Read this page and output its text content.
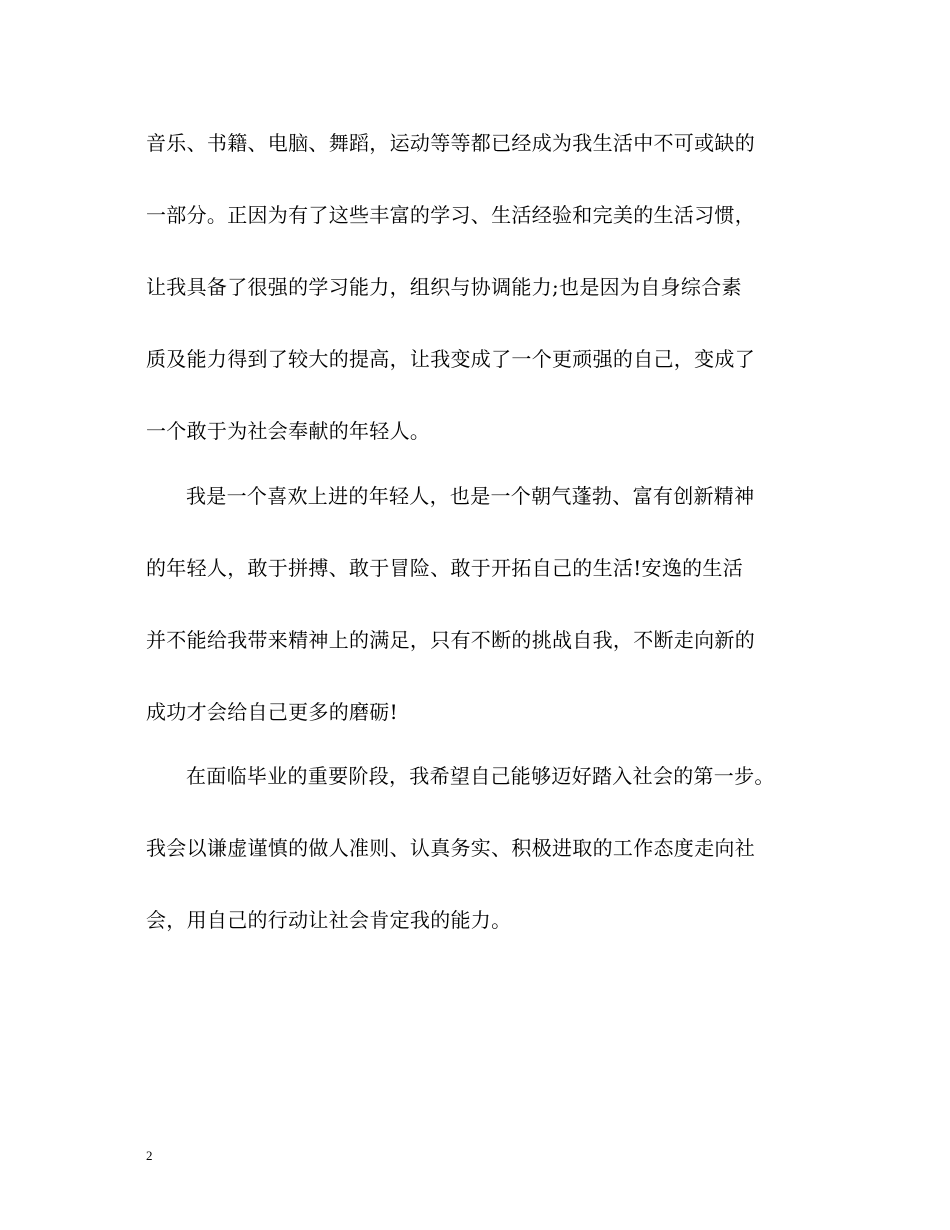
音乐、书籍、电脑、舞蹈，运动等等都已经成为我生活中不可或缺的

一部分。正因为有了这些丰富的学习、生活经验和完美的生活习惯，

让我具备了很强的学习能力，组织与协调能力;也是因为自身综合素

质及能力得到了较大的提高，让我变成了一个更顽强的自己，变成了

一个敢于为社会奉献的年轻人。

我是一个喜欢上进的年轻人，也是一个朝气蓬勃、富有创新精神

的年轻人，敢于拼搏、敢于冒险、敢于开拓自己的生活!安逸的生活

并不能给我带来精神上的满足，只有不断的挑战自我，不断走向新的

成功才会给自己更多的磨砺!

在面临毕业的重要阶段，我希望自己能够迈好踏入社会的第一步。

我会以谦虚谨慎的做人准则、认真务实、积极进取的工作态度走向社

会，用自己的行动让社会肯定我的能力。

2
